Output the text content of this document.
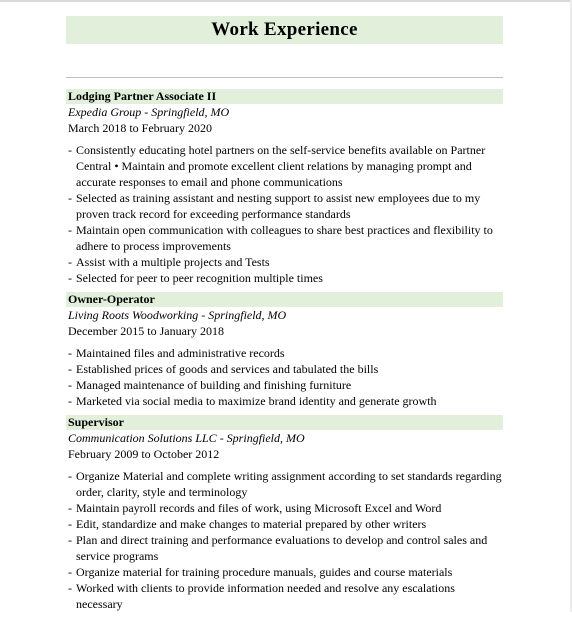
Work Experience
Lodging Partner Associate II
Expedia Group - Springfield, MO
March 2018 to February 2020
- Consistently educating hotel partners on the self-service benefits available on Partner Central • Maintain and promote excellent client relations by managing prompt and accurate responses to email and phone communications
- Selected as training assistant and nesting support to assist new employees due to my proven track record for exceeding performance standards
- Maintain open communication with colleagues to share best practices and flexibility to adhere to process improvements
- Assist with a multiple projects and Tests
- Selected for peer to peer recognition multiple times
Owner-Operator
Living Roots Woodworking - Springfield, MO
December 2015 to January 2018
- Maintained files and administrative records
- Established prices of goods and services and tabulated the bills
- Managed maintenance of building and finishing furniture
- Marketed via social media to maximize brand identity and generate growth
Supervisor
Communication Solutions LLC - Springfield, MO
February 2009 to October 2012
- Organize Material and complete writing assignment according to set standards regarding order, clarity, style and terminology
- Maintain payroll records and files of work, using Microsoft Excel and Word
- Edit, standardize and make changes to material prepared by other writers
- Plan and direct training and performance evaluations to develop and control sales and service programs
- Organize material for training procedure manuals, guides and course materials
- Worked with clients to provide information needed and resolve any escalations necessary
